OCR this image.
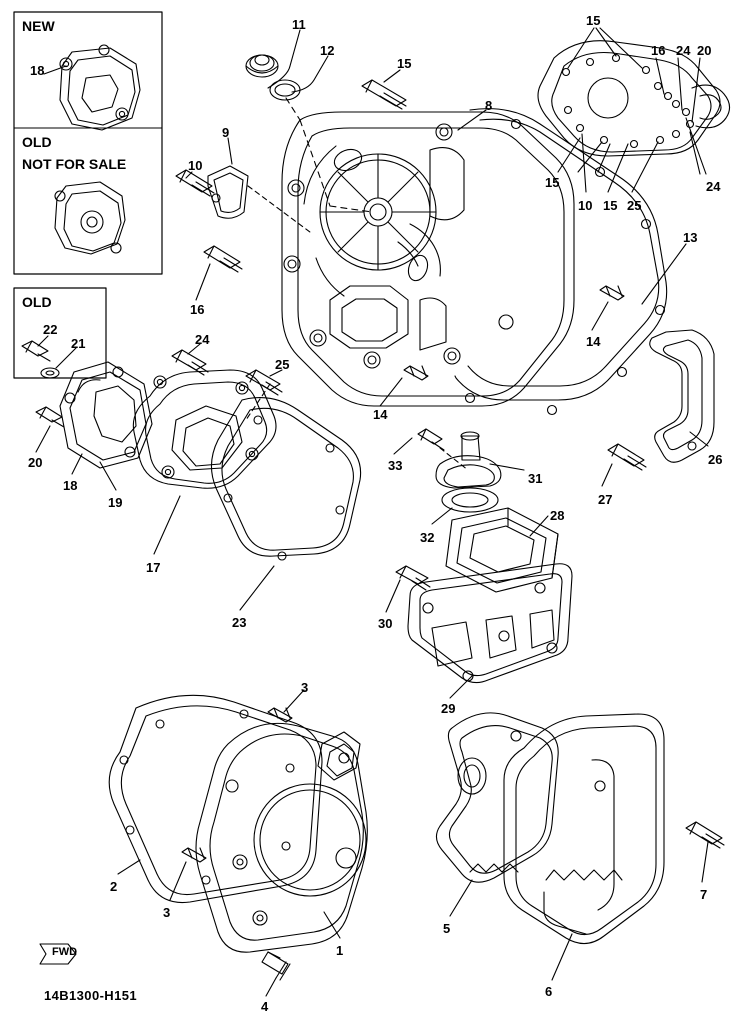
NEW
OLD
NOT FOR SALE
OLD
FWD
14B1300-H151
18
11
12
15
15
16 24 20
8
9
10
15	24
10 15 25
13
16
14
22
21	24
25
14
20
18
19
17
23
33
31
32
28
30
29
26
27
3
2
3
1
4
5
6
7
